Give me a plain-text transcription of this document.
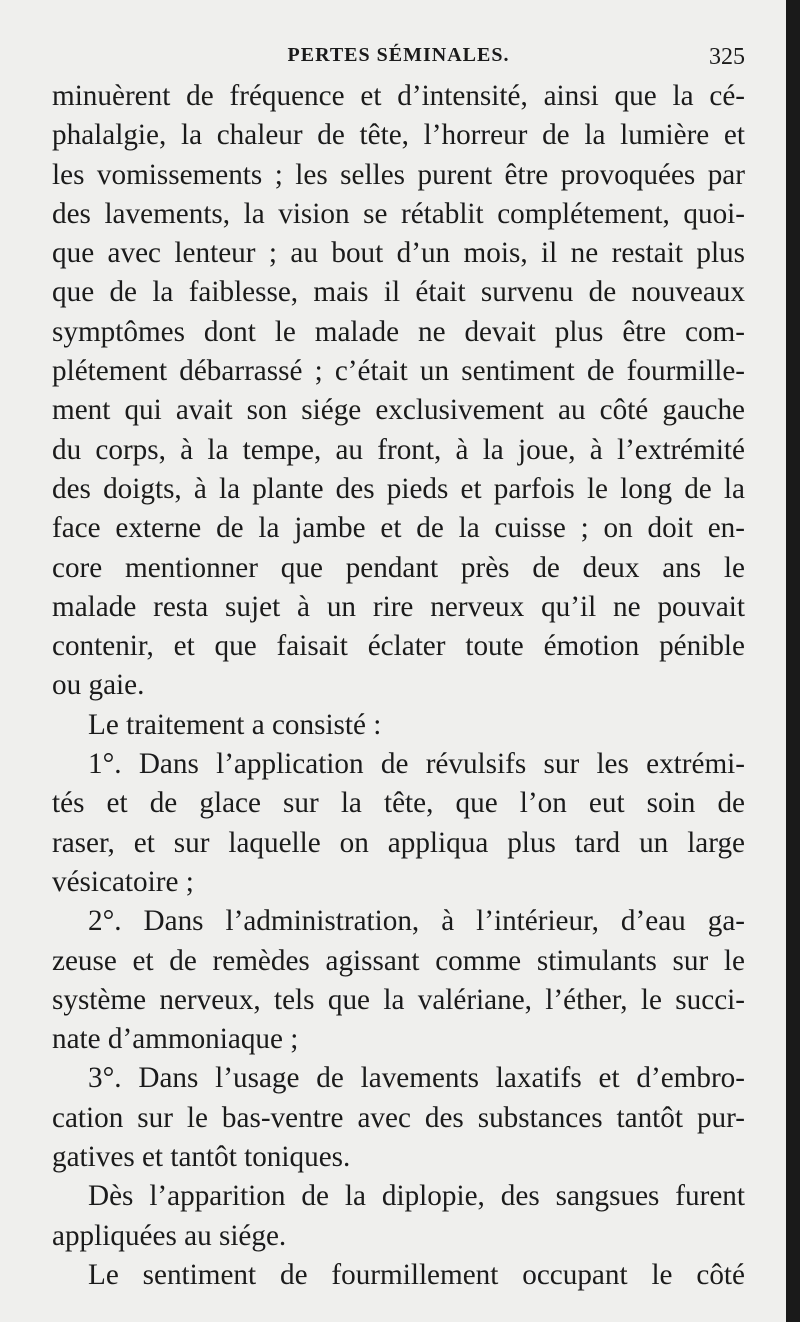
PERTES SÉMINALES.	325
minuèrent de fréquence et d’intensité, ainsi que la cé-
phalalgie, la chaleur de tête, l’horreur de la lumière et
les vomissements ; les selles purent être provoquées par
des lavements, la vision se rétablit complétement, quoi-
que avec lenteur ; au bout d’un mois, il ne restait plus
que de la faiblesse, mais il était survenu de nouveaux
symptômes dont le malade ne devait plus être com-
plétement débarrassé ; c’était un sentiment de fourmille-
ment qui avait son siége exclusivement au côté gauche
du corps, à la tempe, au front, à la joue, à l’extrémité
des doigts, à la plante des pieds et parfois le long de la
face externe de la jambe et de la cuisse ; on doit en-
core mentionner que pendant près de deux ans le
malade resta sujet à un rire nerveux qu’il ne pouvait
contenir, et que faisait éclater toute émotion pénible
ou gaie.
Le traitement a consisté :
1°. Dans l’application de révulsifs sur les extrémi-
tés et de glace sur la tête, que l’on eut soin de
raser, et sur laquelle on appliqua plus tard un large
vésicatoire ;
2°. Dans l’administration, à l’intérieur, d’eau ga-
zeuse et de remèdes agissant comme stimulants sur le
système nerveux, tels que la valériane, l’éther, le succi-
nate d’ammoniaque ;
3°. Dans l’usage de lavements laxatifs et d’embro-
cation sur le bas-ventre avec des substances tantôt pur-
gatives et tantôt toniques.
Dès l’apparition de la diplopie, des sangsues furent
appliquées au siége.
Le sentiment de fourmillement occupant le côté
